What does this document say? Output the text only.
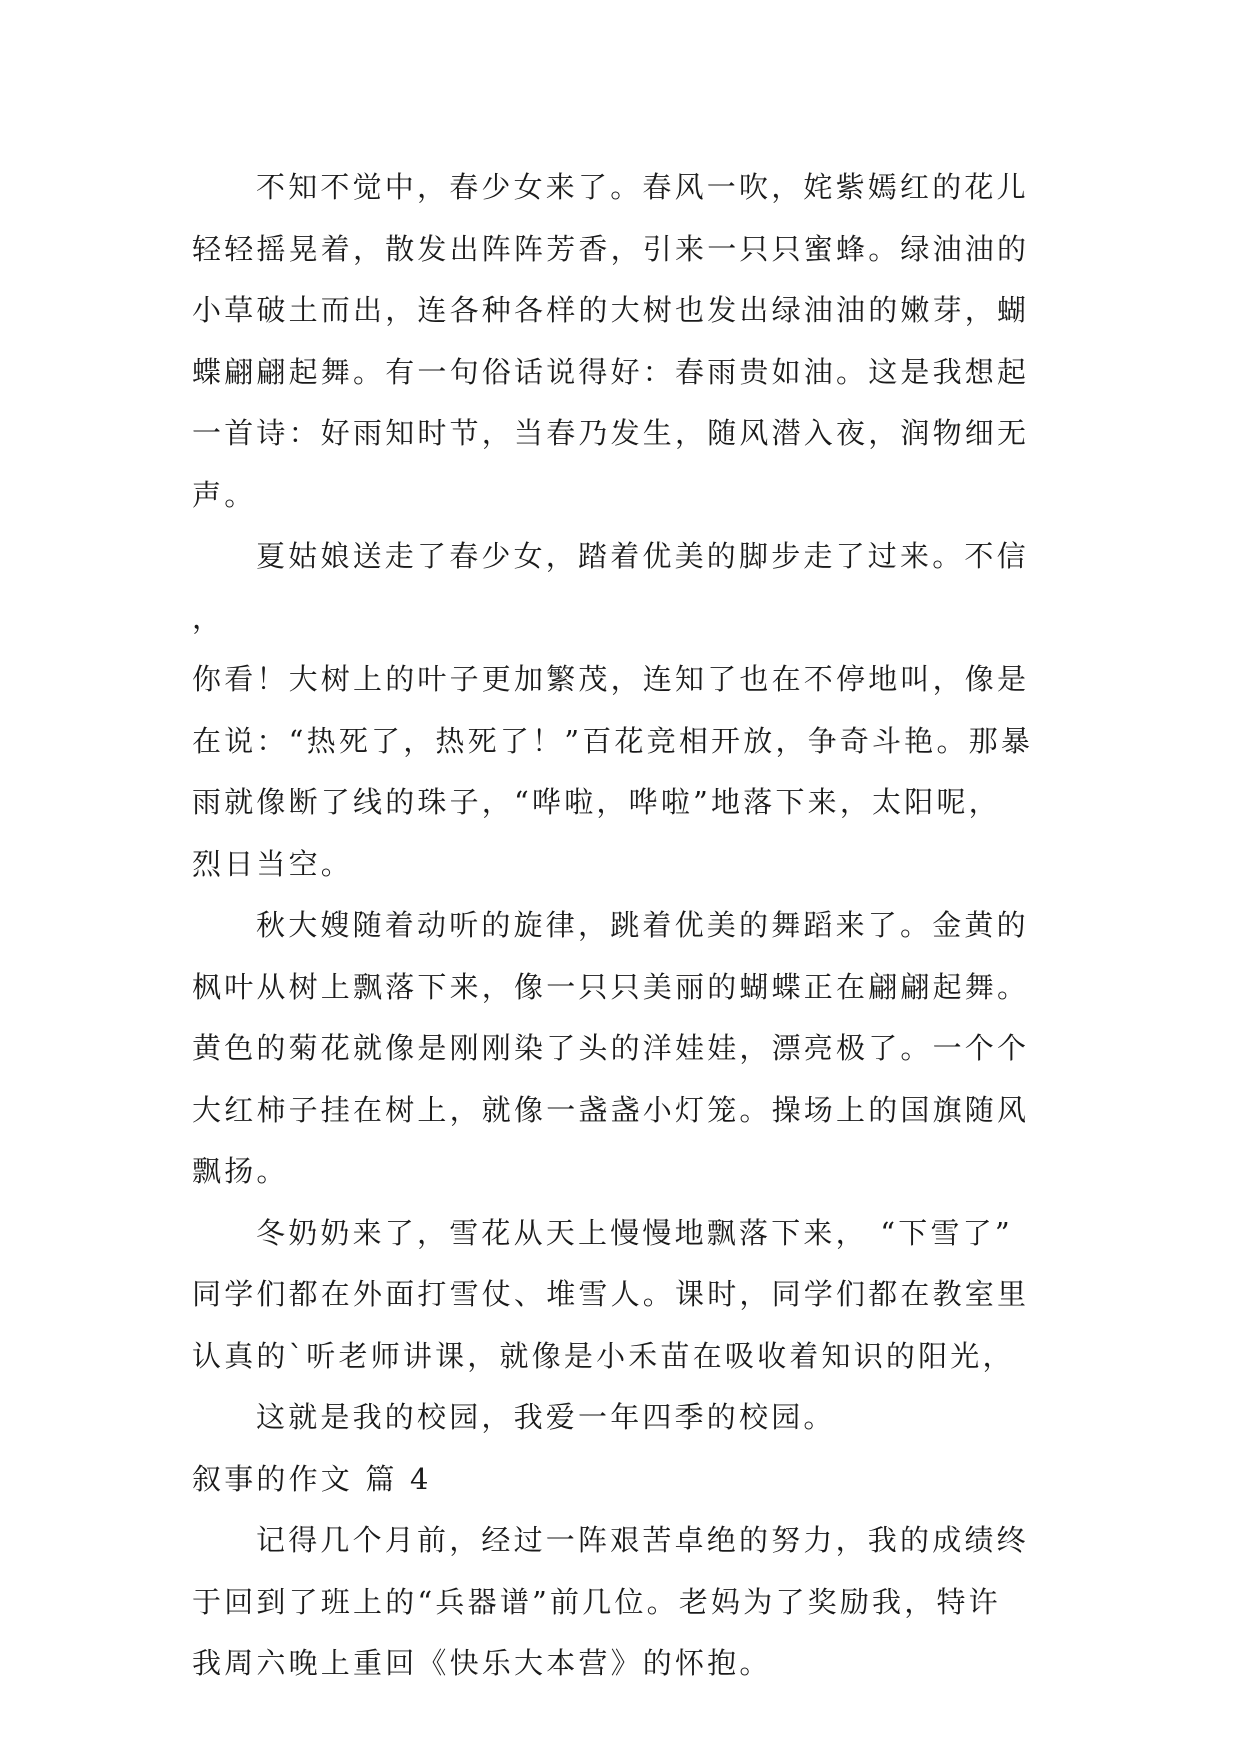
不知不觉中，春少女来了。春风一吹，姹紫嫣红的花儿
轻轻摇晃着，散发出阵阵芳香，引来一只只蜜蜂。绿油油的
小草破土而出，连各种各样的大树也发出绿油油的嫩芽，蝴
蝶翩翩起舞。有一句俗话说得好：春雨贵如油。这是我想起
一首诗：好雨知时节，当春乃发生，随风潜入夜，润物细无
声。
夏姑娘送走了春少女，踏着优美的脚步走了过来。不信，
你看！大树上的叶子更加繁茂，连知了也在不停地叫，像是
在说：“热死了，热死了！”百花竞相开放，争奇斗艳。那暴
雨就像断了线的珠子，“哗啦，哗啦”地落下来，太阳呢，
烈日当空。
秋大嫂随着动听的旋律，跳着优美的舞蹈来了。金黄的
枫叶从树上飘落下来，像一只只美丽的蝴蝶正在翩翩起舞。
黄色的菊花就像是刚刚染了头的洋娃娃，漂亮极了。一个个
大红柿子挂在树上，就像一盏盏小灯笼。操场上的国旗随风
飘扬。
冬奶奶来了，雪花从天上慢慢地飘落下来， “下雪了”
同学们都在外面打雪仗、堆雪人。课时，同学们都在教室里
认真的`听老师讲课，就像是小禾苗在吸收着知识的阳光，
这就是我的校园，我爱一年四季的校园。
叙事的作文 篇 4
记得几个月前，经过一阵艰苦卓绝的努力，我的成绩终
于回到了班上的“兵器谱”前几位。老妈为了奖励我，特许
我周六晚上重回《快乐大本营》的怀抱。
